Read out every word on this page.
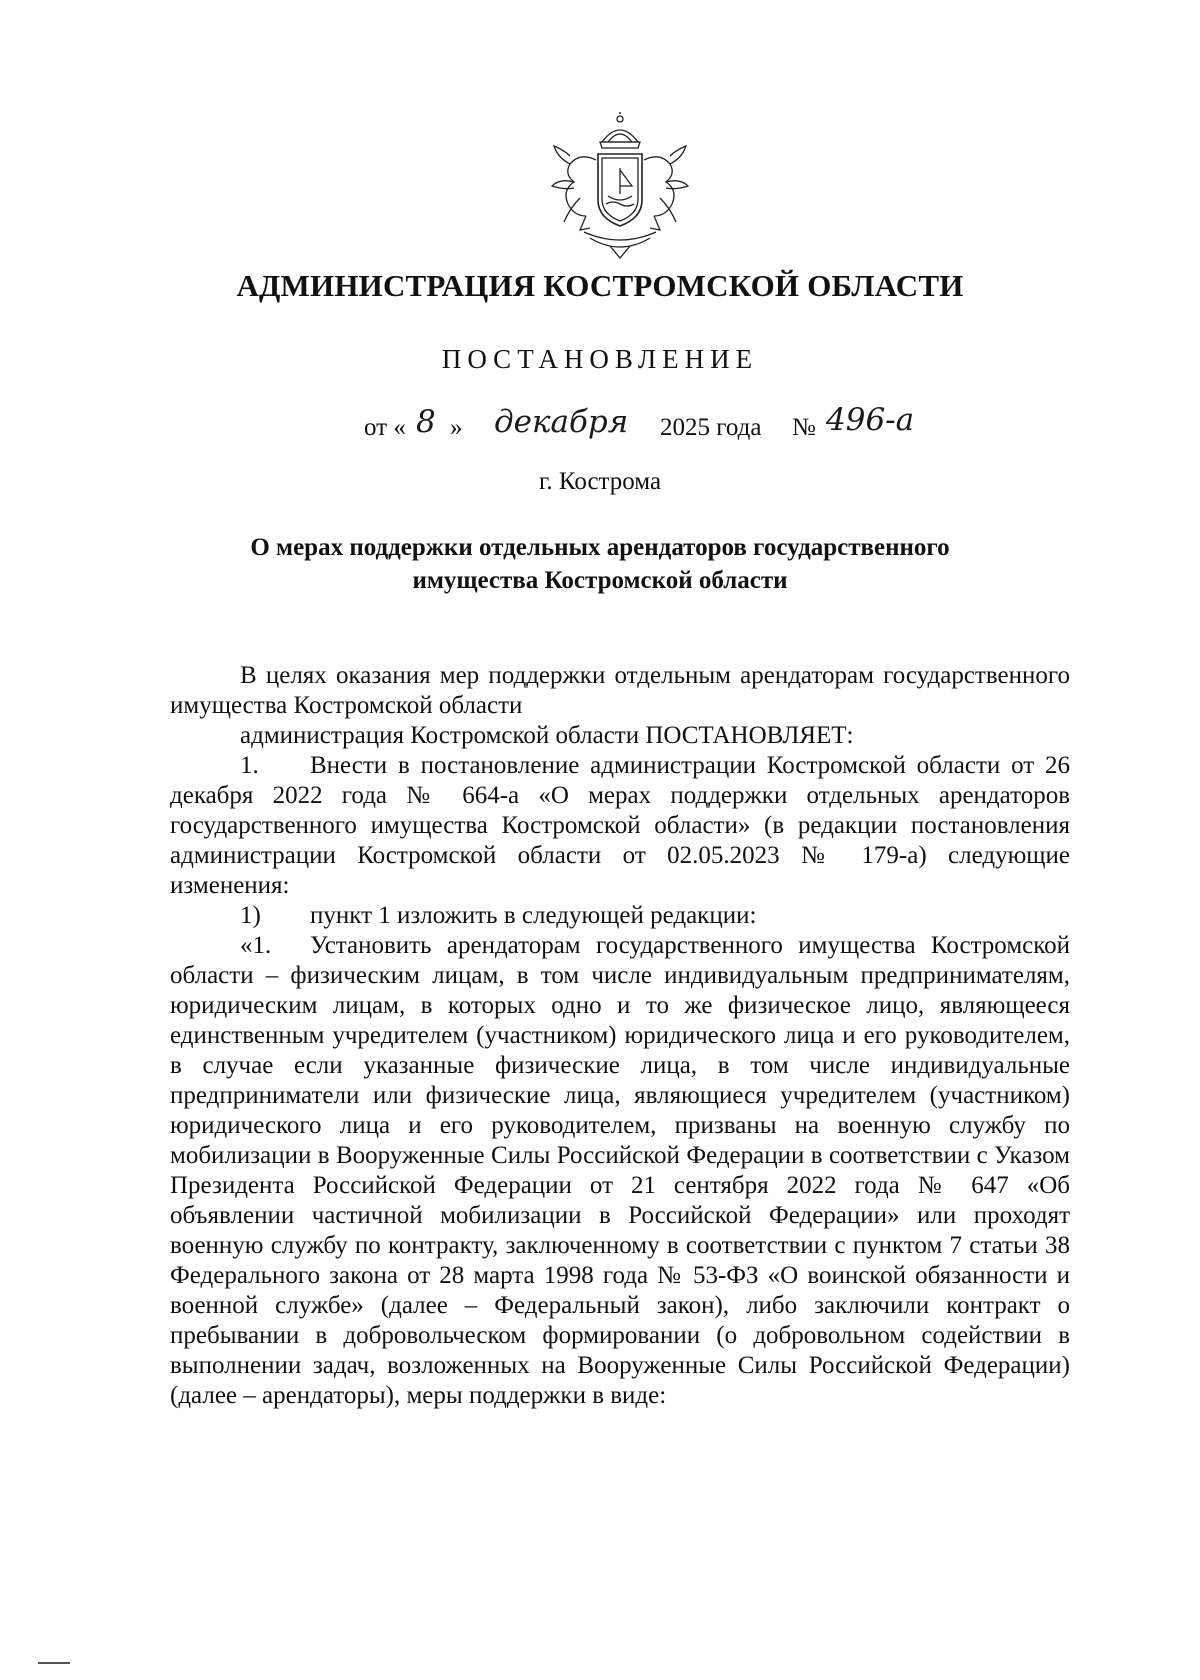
АДМИНИСТРАЦИЯ КОСТРОМСКОЙ ОБЛАСТИ
ПОСТАНОВЛЕНИЕ
от « 8 » декабря 2025 года № 496-а
г. Кострома
О мерах поддержки отдельных арендаторов государственного
имущества Костромской области

В целях оказания мер поддержки отдельным арендаторам государственного имущества Костромской области

администрация Костромской области ПОСТАНОВЛЯЕТ:

1. Внести в постановление администрации Костромской области от 26 декабря 2022 года № 664-а «О мерах поддержки отдельных арендаторов государственного имущества Костромской области» (в редакции постановления администрации Костромской области от 02.05.2023 № 179-а) следующие изменения:

1) пункт 1 изложить в следующей редакции:

«1. Установить арендаторам государственного имущества Костромской области – физическим лицам, в том числе индивидуальным предпринимателям, юридическим лицам, в которых одно и то же физическое лицо, являющееся единственным учредителем (участником) юридического лица и его руководителем, в случае если указанные физические лица, в том числе индивидуальные предприниматели или физические лица, являющиеся учредителем (участником) юридического лица и его руководителем, призваны на военную службу по мобилизации в Вооруженные Силы Российской Федерации в соответствии с Указом Президента Российской Федерации от 21 сентября 2022 года № 647 «Об объявлении частичной мобилизации в Российской Федерации» или проходят военную службу по контракту, заключенному в соответствии с пунктом 7 статьи 38 Федерального закона от 28 марта 1998 года № 53-ФЗ «О воинской обязанности и военной службе» (далее – Федеральный закон), либо заключили контракт о пребывании в добровольческом формировании (о добровольном содействии в выполнении задач, возложенных на Вооруженные Силы Российской Федерации) (далее – арендаторы), меры поддержки в виде:
